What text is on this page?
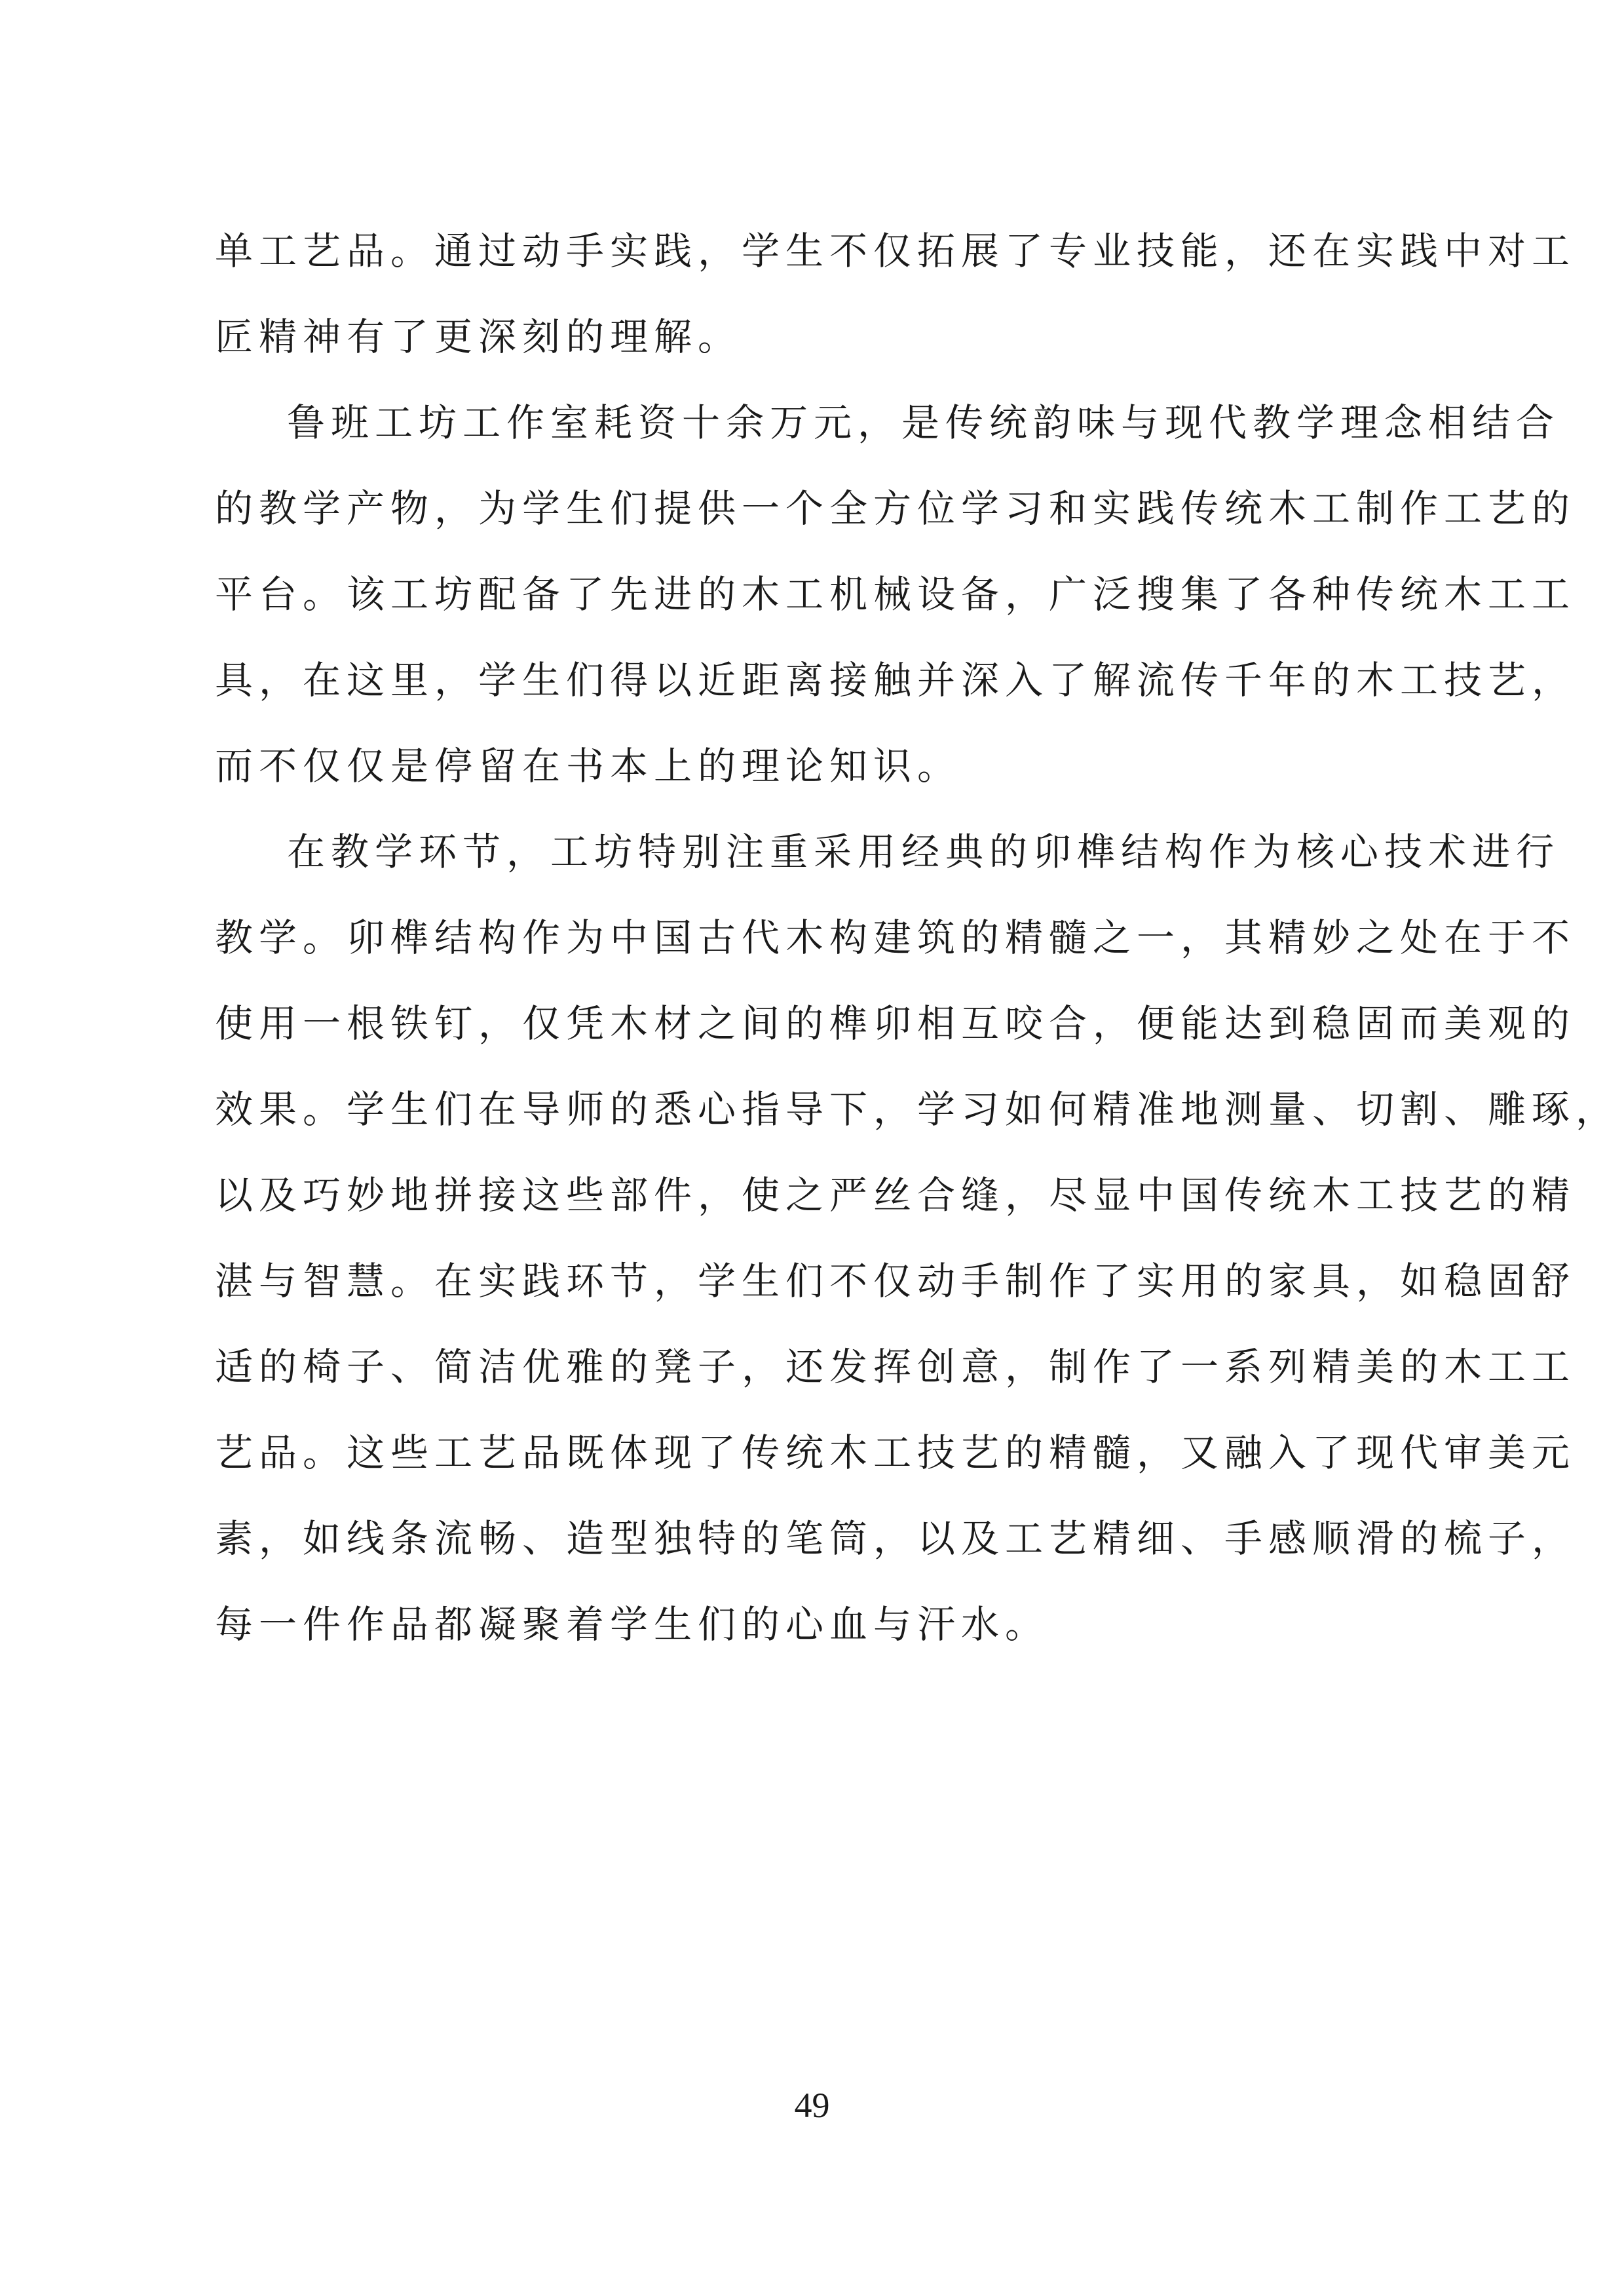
单工艺品。通过动手实践，学生不仅拓展了专业技能，还在实践中对工
匠精神有了更深刻的理解。
鲁班工坊工作室耗资十余万元，是传统韵味与现代教学理念相结合
的教学产物，为学生们提供一个全方位学习和实践传统木工制作工艺的
平台。该工坊配备了先进的木工机械设备，广泛搜集了各种传统木工工
具，在这里，学生们得以近距离接触并深入了解流传千年的木工技艺，
而不仅仅是停留在书本上的理论知识。
在教学环节，工坊特别注重采用经典的卯榫结构作为核心技术进行
教学。卯榫结构作为中国古代木构建筑的精髓之一，其精妙之处在于不
使用一根铁钉，仅凭木材之间的榫卯相互咬合，便能达到稳固而美观的
效果。学生们在导师的悉心指导下，学习如何精准地测量、切割、雕琢，
以及巧妙地拼接这些部件，使之严丝合缝，尽显中国传统木工技艺的精
湛与智慧。在实践环节，学生们不仅动手制作了实用的家具，如稳固舒
适的椅子、简洁优雅的凳子，还发挥创意，制作了一系列精美的木工工
艺品。这些工艺品既体现了传统木工技艺的精髓，又融入了现代审美元
素，如线条流畅、造型独特的笔筒，以及工艺精细、手感顺滑的梳子，
每一件作品都凝聚着学生们的心血与汗水。
49
